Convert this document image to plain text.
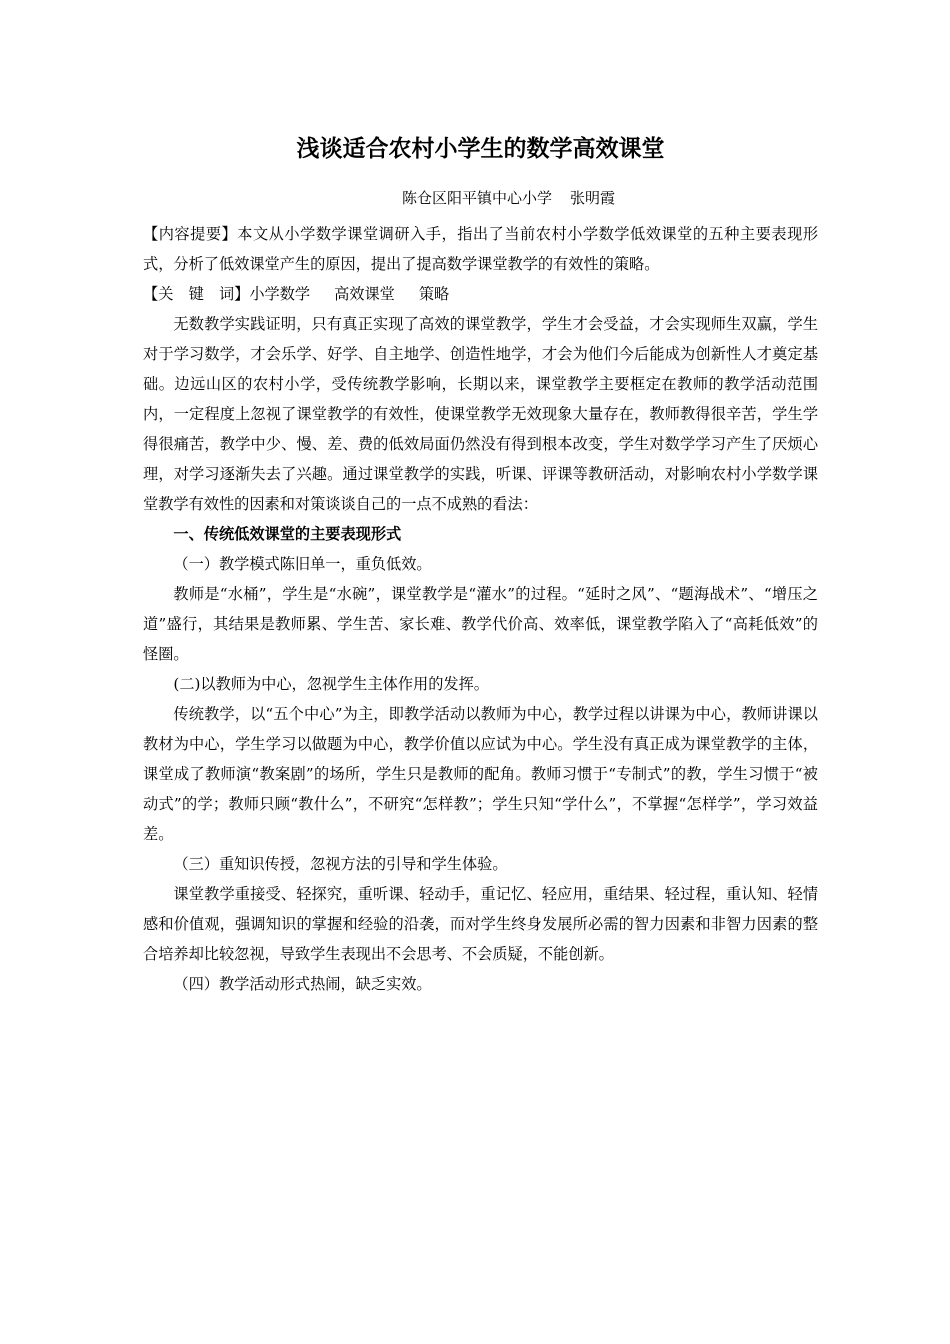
浅谈适合农村小学生的数学高效课堂
陈仓区阳平镇中心小学 张明霞

【内容提要】本文从小学数学课堂调研入手，指出了当前农村小学数学低效课堂的五种主要表现形式，分析了低效课堂产生的原因，提出了提高数学课堂教学的有效性的策略。

【关　键　词】小学数学 高效课堂 策略

无数教学实践证明，只有真正实现了高效的课堂教学，学生才会受益，才会实现师生双赢，学生对于学习数学，才会乐学、好学、自主地学、创造性地学，才会为他们今后能成为创新性人才奠定基础。边远山区的农村小学，受传统教学影响，长期以来，课堂教学主要框定在教师的教学活动范围内，一定程度上忽视了课堂教学的有效性，使课堂教学无效现象大量存在，教师教得很辛苦，学生学得很痛苦，教学中少、慢、差、费的低效局面仍然没有得到根本改变，学生对数学学习产生了厌烦心理，对学习逐渐失去了兴趣。通过课堂教学的实践，听课、评课等教研活动，对影响农村小学数学课堂教学有效性的因素和对策谈谈自己的一点不成熟的看法：

一、传统低效课堂的主要表现形式

（一）教学模式陈旧单一，重负低效。

教师是“水桶”，学生是“水碗”，课堂教学是“灌水”的过程。“延时之风”、“题海战术”、“增压之道”盛行，其结果是教师累、学生苦、家长难、教学代价高、效率低，课堂教学陷入了“高耗低效”的怪圈。

(二)以教师为中心，忽视学生主体作用的发挥。

传统教学，以“五个中心”为主，即教学活动以教师为中心，教学过程以讲课为中心，教师讲课以教材为中心，学生学习以做题为中心，教学价值以应试为中心。学生没有真正成为课堂教学的主体，课堂成了教师演“教案剧”的场所，学生只是教师的配角。教师习惯于“专制式”的教，学生习惯于“被动式”的学；教师只顾“教什么”，不研究“怎样教”；学生只知“学什么”，不掌握“怎样学”，学习效益差。

（三）重知识传授，忽视方法的引导和学生体验。

课堂教学重接受、轻探究，重听课、轻动手，重记忆、轻应用，重结果、轻过程，重认知、轻情感和价值观，强调知识的掌握和经验的沿袭，而对学生终身发展所必需的智力因素和非智力因素的整合培养却比较忽视，导致学生表现出不会思考、不会质疑，不能创新。

（四）教学活动形式热闹，缺乏实效。
